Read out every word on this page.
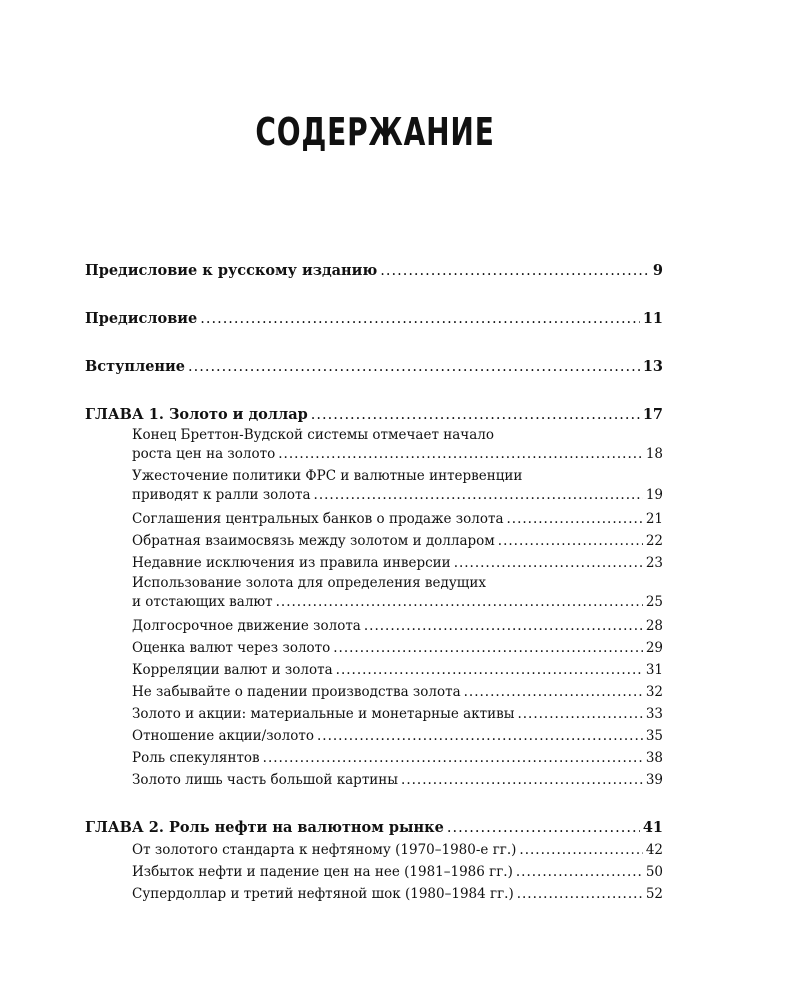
СОДЕРЖАНИЕ
Предисловие к русскому изданию .....	9
Предисловие .....	11
Вступление .....	13
ГЛАВА 1. Золото и доллар .....	17
Конец Бреттон-Вудской системы отмечает начало
роста цен на золото .....	18
Ужесточение политики ФРС и валютные интервенции
приводят к ралли золота .....	19
Соглашения центральных банков о продаже золота .....	21
Обратная взаимосвязь между золотом и долларом .....	22
Недавние исключения из правила инверсии .....	23
Использование золота для определения ведущих
и отстающих валют .....	25
Долгосрочное движение золота .....	28
Оценка валют через золото .....	29
Корреляции валют и золота .....	31
Не забывайте о падении производства золота .....	32
Золото и акции: материальные и монетарные активы .....	33
Отношение акции/золото .....	35
Роль спекулянтов .....	38
Золото лишь часть большой картины .....	39
ГЛАВА 2. Роль нефти на валютном рынке .....	41
От золотого стандарта к нефтяному (1970–1980-е гг.) .....	42
Избыток нефти и падение цен на нее (1981–1986 гг.) .....	50
Супердоллар и третий нефтяной шок (1980–1984 гг.) .....	52
